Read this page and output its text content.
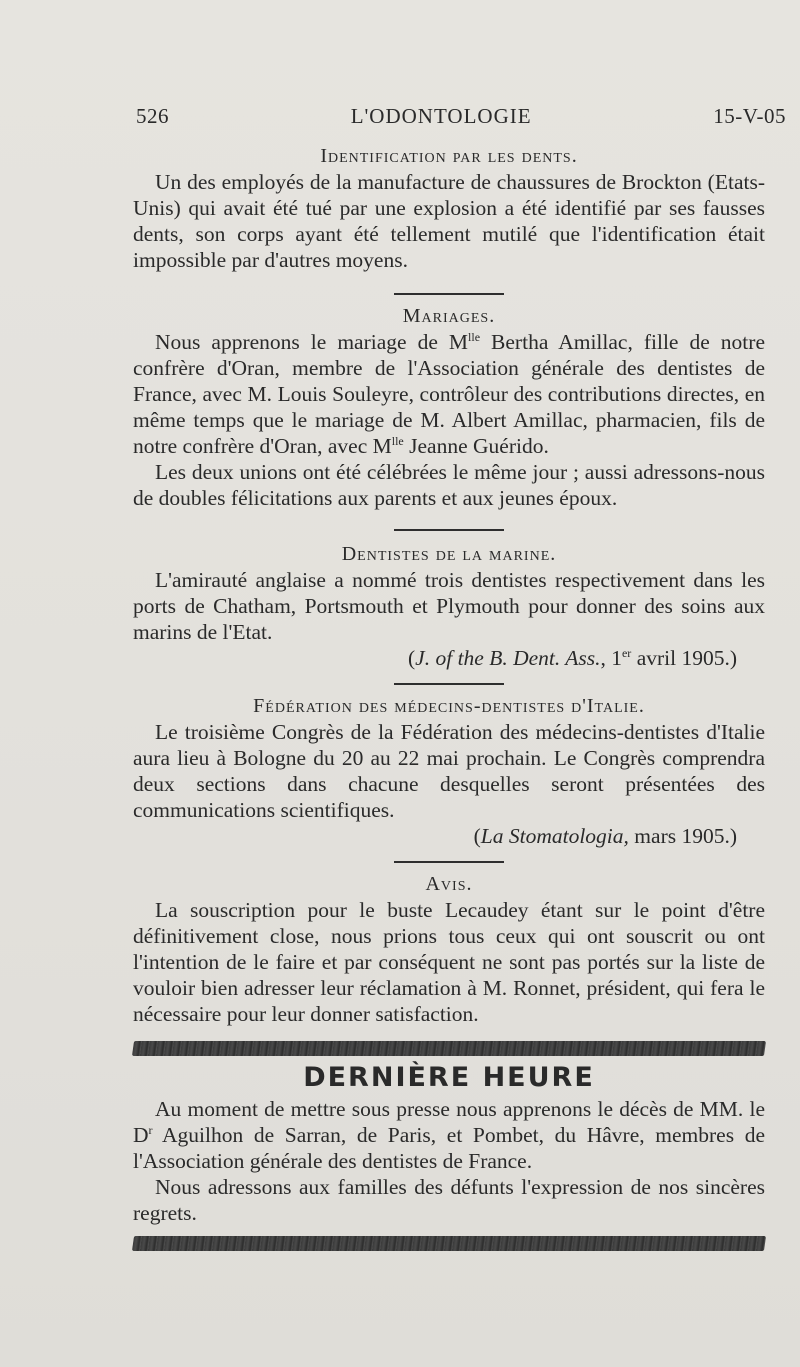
526	L'ODONTOLOGIE	15-V-05
Identification par les dents.

Un des employés de la manufacture de chaussures de Brockton (Etats-Unis) qui avait été tué par une explosion a été identifié par ses fausses dents, son corps ayant été tellement mutilé que l'identification était impossible par d'autres moyens.

Mariages.

Nous apprenons le mariage de $M^{lle}$ Bertha Amillac, fille de notre confrère d'Oran, membre de l'Association générale des dentistes de France, avec M. Louis Souleyre, contrôleur des contributions directes, en même temps que le mariage de M. Albert Amillac, pharmacien, fils de notre confrère d'Oran, avec $M^{lle}$ Jeanne Guérido.

Les deux unions ont été célébrées le même jour ; aussi adressons-nous de doubles félicitations aux parents et aux jeunes époux.

Dentistes de la marine.

L'amirauté anglaise a nommé trois dentistes respectivement dans les ports de Chatham, Portsmouth et Plymouth pour donner des soins aux marins de l'Etat.

(J. of the B. Dent. Ass., 1er avril 1905.)
Fédération des médecins-dentistes d'Italie.

Le troisième Congrès de la Fédération des médecins-dentistes d'Italie aura lieu à Bologne du 20 au 22 mai prochain. Le Congrès comprendra deux sections dans chacune desquelles seront présentées des communications scientifiques.

(La Stomatologia, mars 1905.)
Avis.

La souscription pour le buste Lecaudey étant sur le point d'être définitivement close, nous prions tous ceux qui ont souscrit ou ont l'intention de le faire et par conséquent ne sont pas portés sur la liste de vouloir bien adresser leur réclamation à M. Ronnet, président, qui fera le nécessaire pour leur donner satisfaction.

DERNIÈRE HEURE

Au moment de mettre sous presse nous apprenons le décès de MM. le $D^r$ Aguilhon de Sarran, de Paris, et Pombet, du Hâvre, membres de l'Association générale des dentistes de France.

Nous adressons aux familles des défunts l'expression de nos sincères regrets.
